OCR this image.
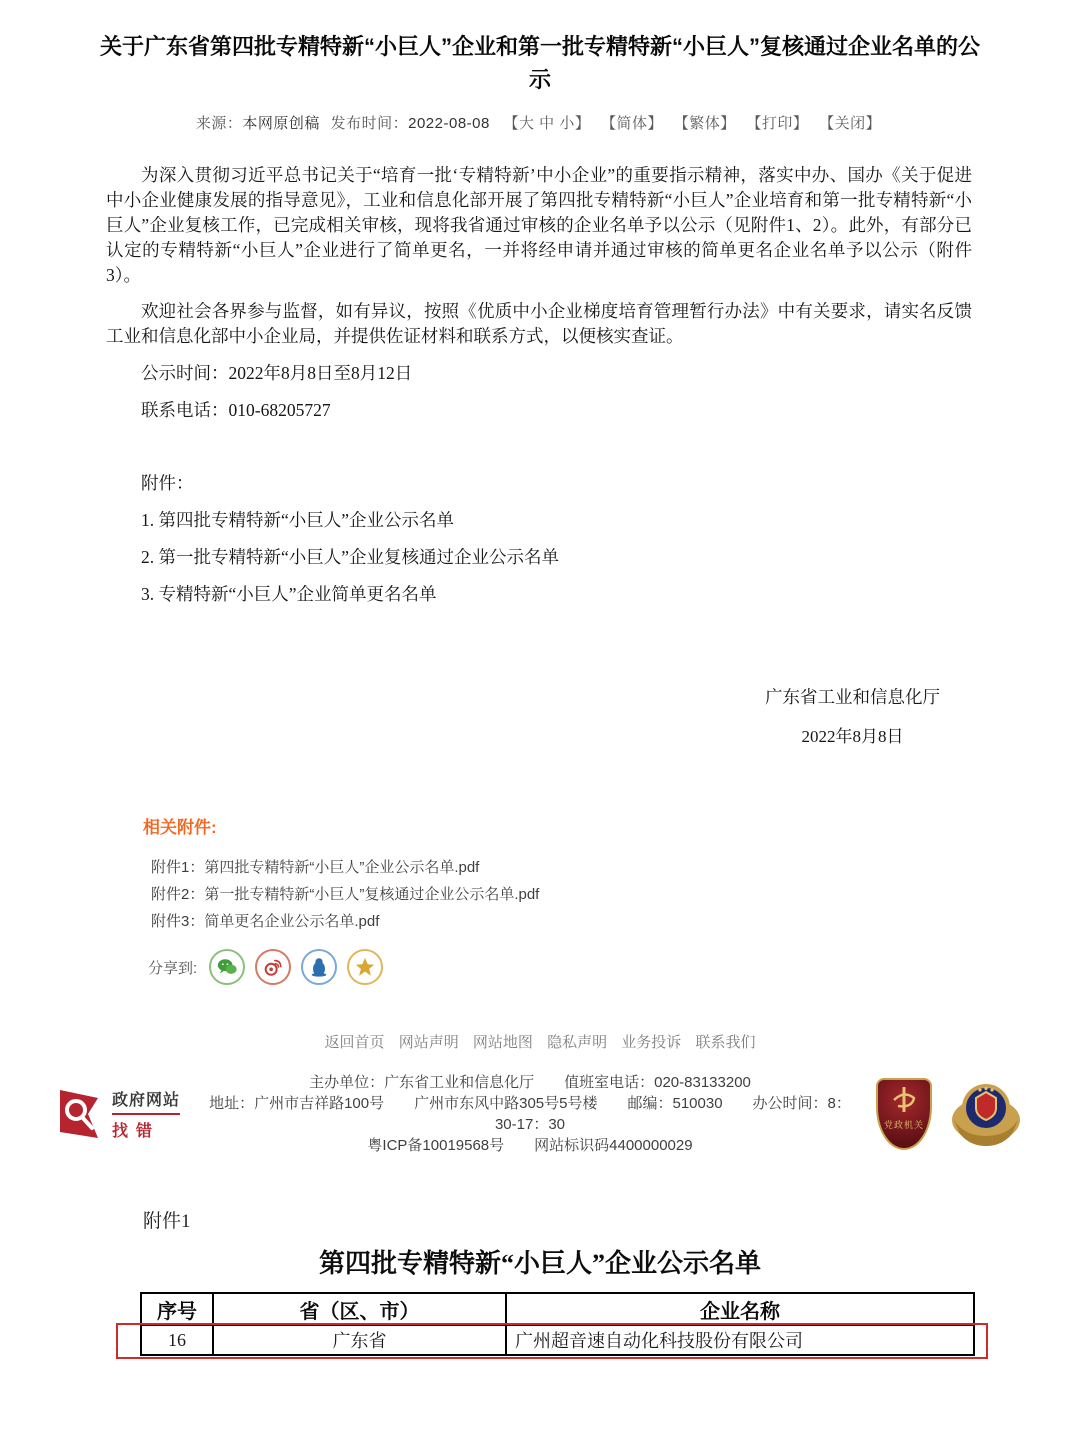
关于广东省第四批专精特新“小巨人”企业和第一批专精特新“小巨人”复核通过企业名单的公示
来源：本网原创稿 发布时间：2022-08-08 【大 中 小】 【简体】 【繁体】 【打印】 【关闭】

为深入贯彻习近平总书记关于“培育一批‘专精特新’中小企业”的重要指示精神，落实中办、国办《关于促进中小企业健康发展的指导意见》，工业和信息化部开展了第四批专精特新“小巨人”企业培育和第一批专精特新“小巨人”企业复核工作，已完成相关审核，现将我省通过审核的企业名单予以公示（见附件1、2）。此外，有部分已认定的专精特新“小巨人”企业进行了简单更名，一并将经申请并通过审核的简单更名企业名单予以公示（附件3）。

欢迎社会各界参与监督，如有异议，按照《优质中小企业梯度培育管理暂行办法》中有关要求，请实名反馈工业和信息化部中小企业局，并提供佐证材料和联系方式，以便核实查证。

公示时间：2022年8月8日至8月12日

联系电话：010-68205727

附件：

1. 第四批专精特新“小巨人”企业公示名单

2. 第一批专精特新“小巨人”企业复核通过企业公示名单

3. 专精特新“小巨人”企业简单更名名单

广东省工业和信息化厅
2022年8月8日
相关附件:
附件1：第四批专精特新“小巨人”企业公示名单.pdf
附件2：第一批专精特新“小巨人”复核通过企业公示名单.pdf
附件3：简单更名企业公示名单.pdf
分享到:
返回首页 网站声明 网站地图 隐私声明 业务投诉 联系我们
政府网站
找错
主办单位：广东省工业和信息化厅　　值班室电话：020-83133200
地址：广州市吉祥路100号　　广州市东风中路305号5号楼　　邮编：510030　　办公时间：8：30-17：30
粤ICP备10019568号　　网站标识码4400000029
党政机关
附件1
第四批专精特新“小巨人”企业公示名单
序号	省（区、市）	企业名称
16	广东省	广州超音速自动化科技股份有限公司
